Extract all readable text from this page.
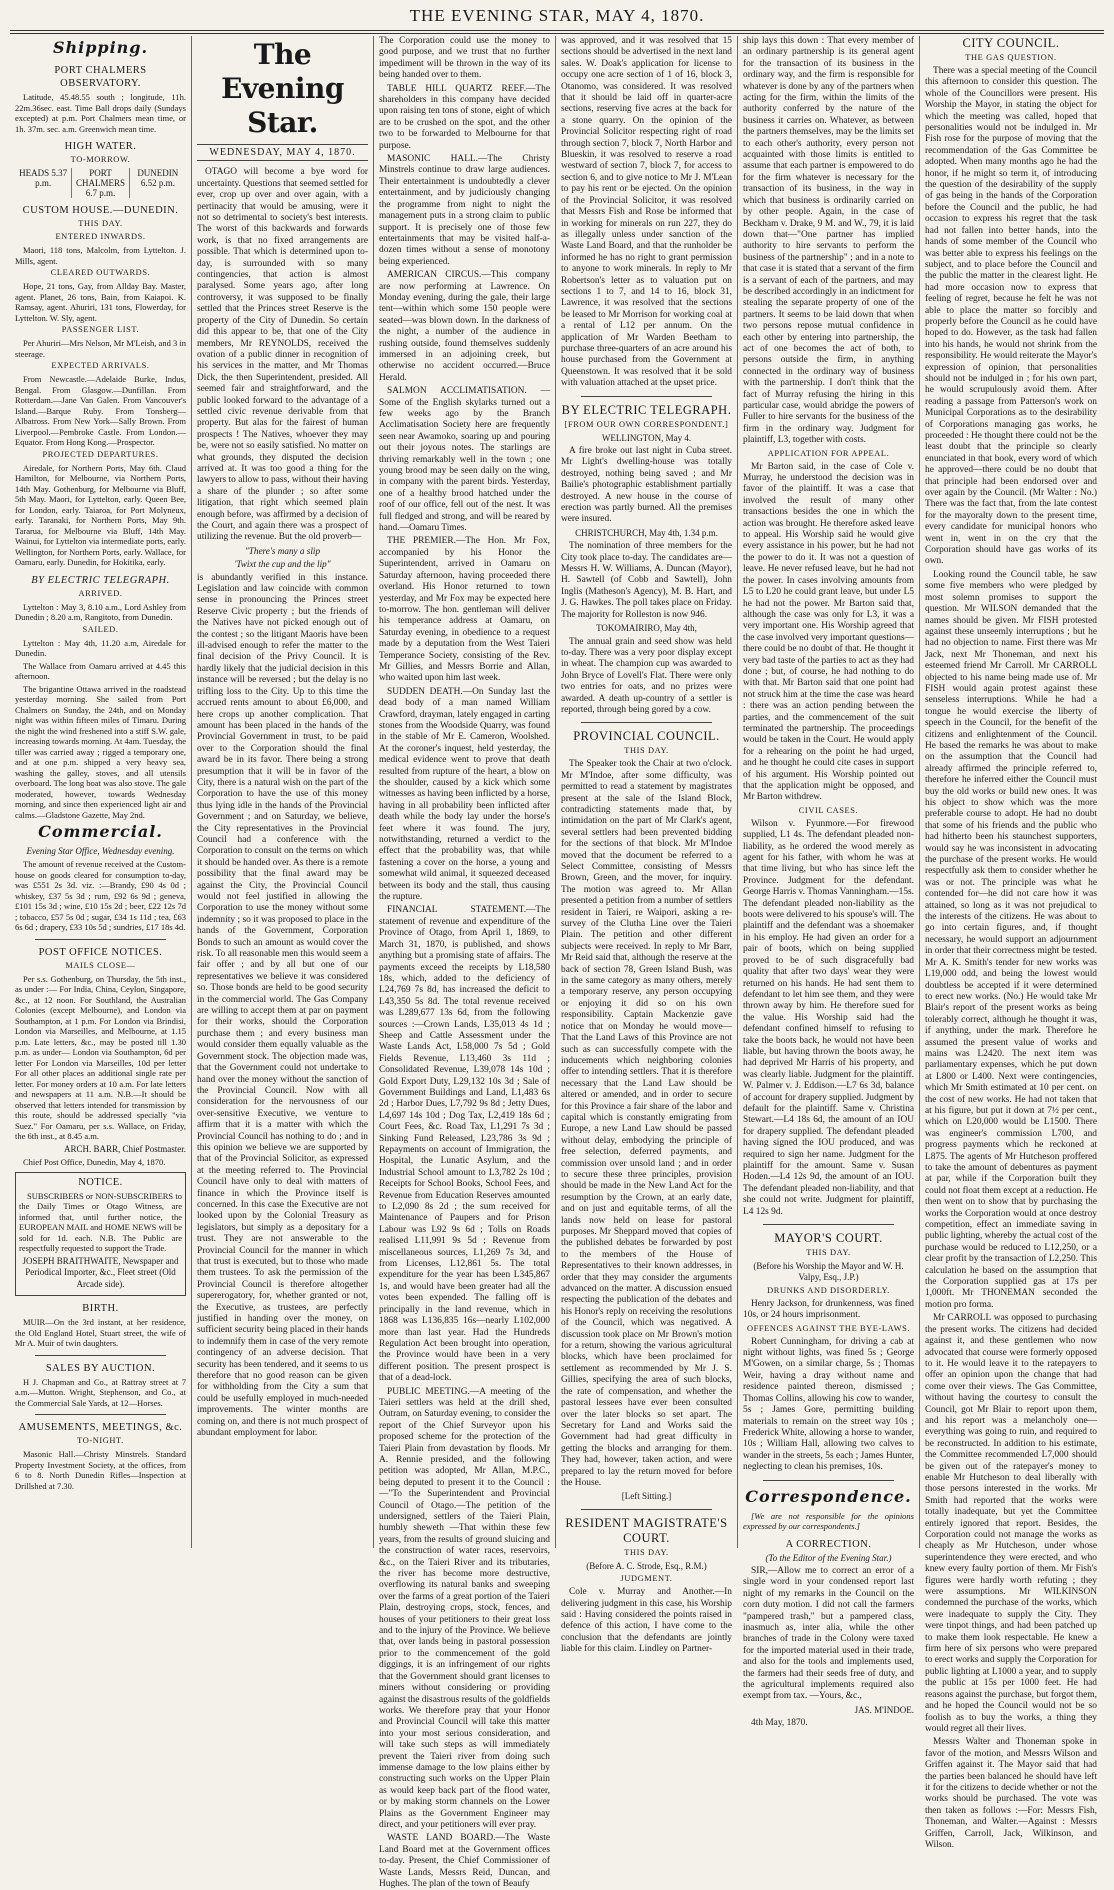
THE EVENING STAR, MAY 4, 1870.
Shipping.
PORT CHALMERS OBSERVATORY.

Latitude, 45.48.55 south ; longitude, 11h. 22m.36sec. east. Time Ball drops daily (Sundays excepted) at p.m. Port Chalmers mean time, or 1h. 37m. sec. a.m. Greenwich mean time.

HIGH WATER.
TO-MORROW.
HEADS 5.37 p.m.
PORT CHALMERS 6.7 p.m.
DUNEDIN 6.52 p.m.
CUSTOM HOUSE.—DUNEDIN.
THIS DAY.
ENTERED INWARDS.

Maori, 118 tons, Malcolm, from Lyttelton. J. Mills, agent.

CLEARED OUTWARDS.

Hope, 21 tons, Gay, from Allday Bay. Master, agent. Planet, 26 tons, Bain, from Kaiapoi. K. Ramsay, agent. Ahuriri, 131 tons, Flowerday, for Lyttelton. W. Sly, agent.

PASSENGER LIST.

Per Ahuriri—Mrs Nelson, Mr M'Leish, and 3 in steerage.

EXPECTED ARRIVALS.

From Newcastle.—Adelaide Burke, Indus, Bengal. From Glasgow.—Dunfillan. From Rotterdam.—Jane Van Galen. From Vancouver's Island.—Barque Ruby. From Tonsberg—Albatross. From New York—Sally Brown. From Liverpool.—Pembroke Castle. From London.—Equator. From Hong Kong.—Prospector.

PROJECTED DEPARTURES.

Airedale, for Northern Ports, May 6th. Claud Hamilton, for Melbourne, via Northern Ports, 14th May. Gothenburg, for Melbourne via Bluff, 5th May. Maori, for Lyttelton, early. Queen Bee, for London, early. Taiaroa, for Port Molyneux, early. Taranaki, for Northern Ports, May 9th. Tararua, for Melbourne via Bluff, 14th May. Wainui, for Lyttelton via intermediate ports, early. Wellington, for Northern Ports, early. Wallace, for Oamaru, early. Dunedin, for Hokitika, early.

BY ELECTRIC TELEGRAPH.
ARRIVED.

Lyttelton : May 3, 8.10 a.m., Lord Ashley from Dunedin ; 8.20 a.m, Rangitoto, from Dunedin.

SAILED.

Lyttelton : May 4th, 11.20 a.m, Airedale for Dunedin.

The Wallace from Oamaru arrived at 4.45 this afternoon.

The brigantine Ottawa arrived in the roadstead yesterday morning. She sailed from Port Chalmers on Sunday, the 24th, and on Monday night was within fifteen miles of Timaru. During the night the wind freshened into a stiff S.W. gale, increasing towards morning. At 4am. Tuesday, the tiller was carried away ; rigged a temporary one, and at one p.m. shipped a very heavy sea, washing the galley, stoves, and all utensils overboard. The long boat was also stove. The gale moderated, however, towards Wednesday morning, and since then experienced light air and calms.—Gladstone Gazette, May 2nd.

Commercial.
Evening Star Office, Wednesday evening.

The amount of revenue received at the Custom-house on goods cleared for consumption to-day, was £551 2s 3d. viz. :—Brandy, £90 4s 0d ; whiskey, £37 5s 3d ; rum, £92 6s 9d ; geneva, £101 15s 3d ; wine, £10 15s 2d ; beer, £22 12s 7d ; tobacco, £57 5s 0d ; sugar, £34 1s 11d ; tea, £63 6s 6d ; drapery, £33 10s 5d ; sundries, £17 18s 4d.

POST OFFICE NOTICES.
MAILS CLOSE—

Per s.s. Gothenburg, on Thursday, the 5th inst., as under :— For India, China, Ceylon, Singapore, &c., at 12 noon. For Southland, the Australian Colonies (except Melbourne), and London via Southampton, at 1 p.m. For London via Brindisi, London via Marseilles, and Melbourne, at 1.15 p.m. Late letters, &c., may be posted till 1.30 p.m. as under— London via Southampton, 6d per letter For London via Marseilles, 10d per letter For all other places an additional single rate per letter. For money orders at 10 a.m. For late letters and newspapers at 11 a.m. N.B.—It should be observed that letters intended for transmission by this route, should be addressed specially "via Suez." For Oamaru, per s.s. Wallace, on Friday, the 6th inst., at 8.45 a.m.

ARCH. BARR, Chief Postmaster.

Chief Post Office, Dunedin, May 4, 1870.

NOTICE.

SUBSCRIBERS or NON-SUBSCRIBERS to the Daily Times or Otago Witness, are informed that, until further notice, the EUROPEAN MAIL and HOME NEWS will be sold for 1d. each. N.B. The Public are respectfully requested to support the Trade.

JOSEPH BRAITHWAITE, Newspaper and Periodical Importer, &c., Fleet street (Old Arcade side).
BIRTH.

MUIR—On the 3rd instant, at her residence, the Old England Hotel, Stuart street, the wife of Mr A. Muir of twin daughters.

SALES BY AUCTION.

H J. Chapman and Co., at Rattray street at 7 a.m.—Mutton. Wright, Stephenson, and Co., at the Commercial Sale Yards, at 12—Horses.

AMUSEMENTS, MEETINGS, &c.
TO-NIGHT.

Masonic Hall.—Christy Minstrels. Standard Property Investment Society, at the offices, from 6 to 8. North Dunedin Rifles—Inspection at Drillshed at 7.30.

The Evening Star.
WEDNESDAY, MAY 4, 1870.

OTAGO will become a bye word for uncertainty. Questions that seemed settled for ever, crop up over and over again, with a pertinacity that would be amusing, were it not so detrimental to society's best interests. The worst of this backwards and forwards work, is that no fixed arrangements are possible. That which is determined upon to-day, is surrounded with so many contingencies, that action is almost paralysed. Some years ago, after long controversy, it was supposed to be finally settled that the Princes street Reserve is the property of the City of Dunedin. So certain did this appear to be, that one of the City members, Mr REYNOLDS, received the ovation of a public dinner in recognition of his services in the matter, and Mr Thomas Dick, the then Superintendent, presided. All seemed fair and straightforward, and the public looked forward to the advantage of a settled civic revenue derivable from that property. But alas for the fairest of human prospects ! The Natives, whoever they may be, were not so easily satisfied. No matter on what grounds, they disputed the decision arrived at. It was too good a thing for the lawyers to allow to pass, without their having a share of the plunder ; so after some litigation, that right which seemed plain enough before, was affirmed by a decision of the Court, and again there was a prospect of utilizing the revenue. But the old proverb—

"There's many a slip
'Twixt the cup and the lip"

is abundantly verified in this instance. Legislation and law coincide with common sense in pronouncing the Princes street Reserve Civic property ; but the friends of the Natives have not picked enough out of the contest ; so the litigant Maoris have been ill-advised enough to refer the matter to the final decision of the Privy Council. It is hardly likely that the judicial decision in this instance will be reversed ; but the delay is no trifling loss to the City. Up to this time the accrued rents amount to about £6,000, and here crops up another complication. That amount has been placed in the hands of the Provincial Government in trust, to be paid over to the Corporation should the final award be in its favor. There being a strong presumption that it will be in favor of the City, there is a natural wish on the part of the Corporation to have the use of this money thus lying idle in the hands of the Provincial Government ; and on Saturday, we believe, the City representatives in the Provincial Council had a conference with the Corporation to consult on the terms on which it should be handed over. As there is a remote possibility that the final award may be against the City, the Provincial Council would not feel justified in allowing the Corporation to use the money without some indemnity ; so it was proposed to place in the hands of the Government, Corporation Bonds to such an amount as would cover the risk. To all reasonable men this would seem a fair offer ; and by all but one of our representatives we believe it was considered so. Those bonds are held to be good security in the commercial world. The Gas Company are willing to accept them at par on payment for their works, should the Corporation purchase them ; and every business man would consider them equally valuable as the Government stock. The objection made was, that the Government could not undertake to hand over the money without the sanction of the Provincial Council. Now with all consideration for the nervousness of our over-sensitive Executive, we venture to affirm that it is a matter with which the Provincial Council has nothing to do ; and in this opinion we believe we are supported by that of the Provincial Solicitor, as expressed at the meeting referred to. The Provincial Council have only to deal with matters of finance in which the Province itself is concerned. In this case the Executive are not looked upon by the Colonial Treasury as legislators, but simply as a depositary for a trust. They are not answerable to the Provincial Council for the manner in which that trust is executed, but to those who made them trustees. To ask the permission of the Provincial Council is therefore altogether supererogatory, for, whether granted or not, the Executive, as trustees, are perfectly justified in handing over the money, on sufficient security being placed in their hands to indemnify them in case of the very remote contingency of an adverse decision. That security has been tendered, and it seems to us therefore that no good reason can be given for withholding from the City a sum that could be usefully employed in much-needed improvements. The winter months are coming on, and there is not much prospect of abundant employment for labor.

The Corporation could use the money to good purpose, and we trust that no further impediment will be thrown in the way of its being handed over to them.

TABLE HILL QUARTZ REEF.—The shareholders in this company have decided upon raising ten tons of stone, eight of which are to be crushed on the spot, and the other two to be forwarded to Melbourne for that purpose.

MASONIC HALL.—The Christy Minstrels continue to draw large audiences. Their entertainment is undoubtedly a clever entertainment, and by judiciously changing the programme from night to night the management puts in a strong claim to public support. It is precisely one of those few entertainments that may be visited half-a-dozen times without a sense of monotony being experienced.

AMERICAN CIRCUS.—This company are now performing at Lawrence. On Monday evening, during the gale, their large tent—within which some 150 people were seated—was blown down. In the darkness of the night, a number of the audience in rushing outside, found themselves suddenly immersed in an adjoining creek, but otherwise no accident occurred.—Bruce Herald.

SALMON ACCLIMATISATION. — Some of the English skylarks turned out a few weeks ago by the Branch Acclimatisation Society here are frequently seen near Awamoko, soaring up and pouring out their joyous notes. The starlings are thriving remarkably well in the town ; one young brood may be seen daily on the wing, in company with the parent birds. Yesterday, one of a healthy brood hatched under the roof of our office, fell out of the nest. It was full fledged and strong, and will be reared by hand.—Oamaru Times.

THE PREMIER.—The Hon. Mr Fox, accompanied by his Honor the Superintendent, arrived in Oamaru on Saturday afternoon, having proceeded there overland. His Honor returned to town yesterday, and Mr Fox may be expected here to-morrow. The hon. gentleman will deliver his temperance address at Oamaru, on Saturday evening, in obedience to a request made by a deputation from the West Taieri Temperance Society, consisting of the Rev. Mr Gillies, and Messrs Borrie and Allan, who waited upon him last week.

SUDDEN DEATH.—On Sunday last the dead body of a man named William Crawford, drayman, lately engaged in carting stones from the Woodside Quarry, was found in the stable of Mr E. Cameron, Woolshed. At the coroner's inquest, held yesterday, the medical evidence went to prove that death resulted from rupture of the heart, a blow on the shoulder, caused by a kick which some witnesses as having been inflicted by a horse, having in all probability been inflicted after death while the body lay under the horse's feet where it was found. The jury, notwithstanding, returned a verdict to the effect that the probability was, that while fastening a cover on the horse, a young and somewhat wild animal, it squeezed deceased between its body and the stall, thus causing the rupture.

FINANCIAL STATEMENT.—The statement of revenue and expenditure of the Province of Otago, from April 1, 1869, to March 31, 1870, is published, and shows anything but a promising state of affairs. The payments exceed the receipts by L18,580 18s, which, added to the deficiency of L24,769 7s 8d, has increased the deficit to L43,350 5s 8d. The total revenue received was L289,677 13s 6d, from the following sources :—Crown Lands, L35,013 4s 1d ; Sheep and Cattle Assessment under the Waste Lands Act, L58,000 7s 5d ; Gold Fields Revenue, L13,460 3s 11d ; Consolidated Revenue, L39,078 14s 10d ; Gold Export Duty, L29,132 10s 3d ; Sale of Government Buildings and Land, L1,483 6s 2d ; Harbor Dues, L7,792 9s 8d ; Jetty Dues, L4,697 14s 10d ; Dog Tax, L2,419 18s 6d ; Court Fees, &c. Road Tax, L1,291 7s 3d ; Sinking Fund Released, L23,786 3s 9d ; Repayments on account of Immigration, the Hospital, the Lunatic Asylum, and the Industrial School amount to L3,782 2s 10d ; Receipts for School Books, School Fees, and Revenue from Education Reserves amounted to L2,090 8s 2d ; the sum received for Maintenance of Paupers and for Prison Labour was L92 9s 6d ; Tolls on Roads realised L11,991 9s 5d ; Revenue from miscellaneous sources, L1,269 7s 3d, and from Licenses, L12,861 5s. The total expenditure for the year has been L345,867 1s, and would have been greater had all the votes been expended. The falling off is principally in the land revenue, which in 1868 was L136,835 16s—nearly L102,000 more than last year. Had the Hundreds Regulation Act been brought into operation, the Province would have been in a very different position. The present prospect is that of a dead-lock.

PUBLIC MEETING.—A meeting of the Taieri settlers was held at the drill shed, Outram, on Saturday evening, to consider the report of the Chief Surveyor upon his proposed scheme for the protection of the Taieri Plain from devastation by floods. Mr A. Rennie presided, and the following petition was adopted, Mr Allan, M.P.C., being deputed to present it to the Council :—"To the Superintendent and Provincial Council of Otago.—The petition of the undersigned, settlers of the Taieri Plain, humbly sheweth —That within these few years, from the results of ground sluicing and the construction of water races, reservoirs, &c., on the Taieri River and its tributaries, the river has become more destructive, overflowing its natural banks and sweeping over the farms of a great portion of the Taieri Plain, destroying crops, stock, fences, and houses of your petitioners to their great loss and to the injury of the Province. We believe that, over lands being in pastoral possession prior to the commencement of the gold diggings, it is an infringement of our rights that the Government should grant licenses to miners without considering or providing against the disastrous results of the goldfields works. We therefore pray that your Honor and Provincial Council will take this matter into your most serious consideration, and will take such steps as will immediately prevent the Taieri river from doing such immense damage to the low plains either by constructing such works on the Upper Plain as would keep back part of the flood water, or by making storm channels on the Lower Plains as the Government Engineer may direct, and your petitioners will ever pray.

WASTE LAND BOARD.—The Waste Land Board met at the Government offices to-day. Present, the Chief Commissioner of Waste Lands, Messrs Reid, Duncan, and Hughes. The plan of the town of Beaufy

was approved, and it was resolved that 15 sections should be advertised in the next land sales. W. Doak's application for license to occupy one acre section of 1 of 16, block 3, Otanomo, was considered. It was resolved that it should be laid off in quarter-acre sections, reserving five acres at the back for a stone quarry. On the opinion of the Provincial Solicitor respecting right of road through section 7, block 7, North Harbor and Blueskin, it was resolved to reserve a road westward of section 7, block 7, for access to section 6, and to give notice to Mr J. M'Lean to pay his rent or be ejected. On the opinion of the Provincial Solicitor, it was resolved that Messrs Fish and Rose be informed that in working for minerals on run 227, they do as illegally unless under sanction of the Waste Land Board, and that the runholder be informed he has no right to grant permission to anyone to work minerals. In reply to Mr Robertson's letter as to valuation put on sections 1 to 7, and 14 to 16, block 31, Lawrence, it was resolved that the sections be leased to Mr Morrison for working coal at a rental of L12 per annum. On the application of Mr Warden Beetham to purchase three-quarters of an acre around his house purchased from the Government at Queenstown. It was resolved that it be sold with valuation attached at the upset price.

BY ELECTRIC TELEGRAPH.
[FROM OUR OWN CORRESPONDENT.]
WELLINGTON, May 4.

A fire broke out last night in Cuba street. Mr Light's dwelling-house was totally destroyed, nothing being saved ; and Mr Bailie's photographic establishment partially destroyed. A new house in the course of erection was partly burned. All the premises were insured.

CHRISTCHURCH, May 4th, 1.34 p.m.

The nomination of three members for the City took place to-day. The candidates are—Messrs H. W. Williams, A. Duncan (Mayor), H. Sawtell (of Cobb and Sawtell), John Inglis (Matheson's Agency), M. B. Hart, and J. G. Hawkes. The poll takes place on Friday. The majority for Rolleston is now 946.

TOKOMAIRIRO, May 4th,

The annual grain and seed show was held to-day. There was a very poor display except in wheat. The champion cup was awarded to John Bryce of Lovell's Flat. There were only two entries for oats, and no prizes were awarded. A death up-country of a settler is reported, through being gored by a cow.

PROVINCIAL COUNCIL.
THIS DAY.

The Speaker took the Chair at two o'clock. Mr M'Indoe, after some difficulty, was permitted to read a statement by magistrates present at the sale of the Island Block, contradicting statements made that, by intimidation on the part of Mr Clark's agent, several settlers had been prevented bidding for the sections of that block. Mr M'Indoe moved that the document be referred to a Select Committee, consisting of Messrs Brown, Green, and the mover, for inquiry. The motion was agreed to. Mr Allan presented a petition from a number of settlers resident in Taieri, re Waipori, asking a re-survey of the Clutha Line over the Taieri Plain. The petition and other different subjects were received. In reply to Mr Barr, Mr Reid said that, although the reserve at the back of section 78, Green Island Bush, was in the same category as many others, merely a temporary reserve, any person occupying or enjoying it did so on his own responsibility. Captain Mackenzie gave notice that on Monday he would move—That the Land Laws of this Province are not such as can successfully compete with the inducements which neighboring colonies offer to intending settlers. That it is therefore necessary that the Land Law should be altered or amended, and in order to secure for this Province a fair share of the labor and capital which is constantly emigrating from Europe, a new Land Law should be passed without delay, embodying the principle of free selection, deferred payments, and commission over unsold land ; and in order to secure these three principles, provision should be made in the New Land Act for the resumption by the Crown, at an early date, and on just and equitable terms, of all the lands now held on lease for pastoral purposes. Mr Sheppard moved that copies of the published debates be forwarded by post to the members of the House of Representatives to their known addresses, in order that they may consider the arguments advanced on the matter. A discussion ensued respecting the publication of the debates and his Honor's reply on receiving the resolutions of the Council, which was negatived. A discussion took place on Mr Brown's motion for a return, showing the various agricultural blocks, which have been proclaimed for settlement as recommended by Mr J. S. Gillies, specifying the area of such blocks, the rate of compensation, and whether the pastoral lessees have ever been consulted over the later blocks so set apart. The Secretary for Land and Works said the Government had had great difficulty in getting the blocks and arranging for them. They had, however, taken action, and were prepared to lay the return moved for before the House.

[Left Sitting.]
RESIDENT MAGISTRATE'S COURT.
THIS DAY.
(Before A. C. Strode, Esq., R.M.)
JUDGMENT.

Cole v. Murray and Another.—In delivering judgment in this case, his Worship said : Having considered the points raised in defence of this action, I have come to the conclusion that the defendants are jointly liable for this claim. Lindley on Partner-

ship lays this down : That every member of an ordinary partnership is its general agent for the transaction of its business in the ordinary way, and the firm is responsible for whatever is done by any of the partners when acting for the firm, within the limits of the authority conferred by the nature of the business it carries on. Whatever, as between the partners themselves, may be the limits set to each other's authority, every person not acquainted with those limits is entitled to assume that each partner is empowered to do for the firm whatever is necessary for the transaction of its business, in the way in which that business is ordinarily carried on by other people. Again, in the case of Beckham v. Drake, 9 M. and W., 79, it is laid down that—"One partner has implied authority to hire servants to perform the business of the partnership" ; and in a note to that case it is stated that a servant of the firm is a servant of each of the partners, and may be described accordingly in an indictment for stealing the separate property of one of the partners. It seems to be laid down that when two persons repose mutual confidence in each other by entering into partnership, the act of one becomes the act of both, to persons outside the firm, in anything connected in the ordinary way of business with the partnership. I don't think that the fact of Murray refusing the hiring in this particular case, would abridge the powers of Fuller to hire servants for the business of the firm in the ordinary way. Judgment for plaintiff, L3, together with costs.

APPLICATION FOR APPEAL.

Mr Barton said, in the case of Cole v. Murray, he understood the decision was in favor of the plaintiff. It was a case that involved the result of many other transactions besides the one in which the action was brought. He therefore asked leave to appeal. His Worship said he would give every assistance in his power, but he had not the power to do it. It was not a question of leave. He never refused leave, but he had not the power. In cases involving amounts from L5 to L20 he could grant leave, but under L5 he had not the power. Mr Barton said that, although the case was only for L3, it was a very important one. His Worship agreed that the case involved very important questions—there could be no doubt of that. He thought it very bad taste of the parties to act as they had done ; but, of course, he had nothing to do with that. Mr Barton said that one point had not struck him at the time the case was heard : there was an action pending between the parties, and the commencement of the suit terminated the partnership. The proceedings would be taken in the Court. He would apply for a rehearing on the point he had urged, and he thought he could cite cases in support of his argument. His Worship pointed out that the application might be opposed, and Mr Barton withdrew.

CIVIL CASES.

Wilson v. Fyunmore.—For firewood supplied, L1 4s. The defendant pleaded non-liability, as he ordered the wood merely as agent for his father, with whom he was at that time living, but who has since left the Province. Judgment for the defendant. George Harris v. Thomas Vanningham.—15s. The defendant pleaded non-liability as the boots were delivered to his spouse's will. The plaintiff and the defendant was a shoemaker in his employ. He had given an order for a pair of boots, which on being supplied proved to be of such disgracefully bad quality that after two days' wear they were returned on his hands. He had sent them to defendant to let him see them, and they were thrown away by him. He therefore sued for the value. His Worship said had the defendant confined himself to refusing to take the boots back, he would not have been liable, but having thrown the boots away, he had deprived Mr Harris of his property, and was clearly liable. Judgment for the plaintiff. W. Palmer v. J. Eddison.—L7 6s 3d, balance of account for drapery supplied. Judgment by default for the plaintiff. Same v. Christina Stewart.—L4 18s 6d, the amount of an IOU for drapery supplied. The defendant pleaded having signed the IOU produced, and was required to sign her name. Judgment for the plaintiff for the amount. Same v. Susan Hoden.—L4 12s 9d, the amount of an IOU. The defendant pleaded non-liability, and that she could not write. Judgment for plaintiff, L4 12s 9d.

MAYOR'S COURT.
THIS DAY.
(Before his Worship the Mayor and W. H. Valpy, Esq., J.P.)
DRUNKS AND DISORDERLY.

Henry Jackson, for drunkenness, was fined 10s, or 24 hours imprisonment.

OFFENCES AGAINST THE BYE-LAWS.

Robert Cunningham, for driving a cab at night without lights, was fined 5s ; George M'Gowen, on a similar charge, 5s ; Thomas Weir, having a dray without name and residence painted thereon, dismissed ; Thomas Collins, allowing his cow to wander, 5s ; James Gore, permitting building materials to remain on the street way 10s ; Frederick White, allowing a horse to wander, 10s ; William Hall, allowing two calves to wander in the streets, 5s each ; James Hunter, neglecting to clean his premises, 10s.

Correspondence.

[We are not responsible for the opinions expressed by our correspondents.]

A CORRECTION.
(To the Editor of the Evening Star.)

SIR,—Allow me to correct an error of a single word in your condensed report last night of my remarks in the Council on the corn duty motion. I did not call the farmers "pampered trash," but a pampered class, inasmuch as, inter alia, while the other branches of trade in the Colony were taxed for the imported material used in their trade, and also for the tools and implements used, the farmers had their seeds free of duty, and the agricultural implements required also exempt from tax. —Yours, &c.,

JAS. M'INDOE.

4th May, 1870.

CITY COUNCIL.
THE GAS QUESTION.

There was a special meeting of the Council this afternoon to consider this question. The whole of the Councillors were present. His Worship the Mayor, in stating the object for which the meeting was called, hoped that personalities would not be indulged in. Mr Fish rose for the purpose of moving that the recommendation of the Gas Committee be adopted. When many months ago he had the honor, if he might so term it, of introducing the question of the desirability of the supply of gas being in the hands of the Corporation before the Council and the public, he had occasion to express his regret that the task had not fallen into better hands, into the hands of some member of the Council who was better able to express his feelings on the subject, and to place before the Council and the public the matter in the clearest light. He had more occasion now to express that feeling of regret, because he felt he was not able to place the matter so forcibly and properly before the Council as he could have hoped to do. However, as the task had fallen into his hands, he would not shrink from the responsibility. He would reiterate the Mayor's expression of opinion, that personalities should not be indulged in ; for his own part, he would scrupulously avoid them. After reading a passage from Patterson's work on Municipal Corporations as to the desirability of Corporations managing gas works, he proceeded : He thought there could not be the least doubt that the principle so clearly enunciated in that book, every word of which he approved—there could be no doubt that that principle had been endorsed over and over again by the Council. (Mr Walter : No.) There was the fact that, from the late contest for the mayoralty down to the present time, every candidate for municipal honors who went in, went in on the cry that the Corporation should have gas works of its own.

Looking round the Council table, he saw some five members who were pledged by most solemn promises to support the question. Mr WILSON demanded that the names should be given. Mr FISH protested against these unseemly interruptions ; but he had no objection to name. First there was Mr Jack, next Mr Thoneman, and next his esteemed friend Mr Carroll. Mr CARROLL objected to his name being made use of. Mr FISH would again protest against these senseless interruptions. While he had a tongue he would exercise the liberty of speech in the Council, for the benefit of the citizens and enlightenment of the Council. He based the remarks he was about to make on the assumption that the Council had already affirmed the principle referred to, therefore he inferred either the Council must buy the old works or build new ones. It was his object to show which was the more preferable course to adopt. He had no doubt that some of his friends and the public who had hitherto been his staunchest supporters, would say he was inconsistent in advocating the purchase of the present works. He would respectfully ask them to consider whether he was or not. The principle was what he contended for—he did not care how it was attained, so long as it was not prejudical to the interests of the citizens. He was about to go into certain figures, and, if thought necessary, he would support an adjournment in order that their correctness might be tested. Mr A. K. Smith's tender for new works was L19,000 odd, and being the lowest would doubtless be accepted if it were determined to erect new works. (No.) He would take Mr Blair's report of the present works as being tolerably correct, although he thought it was, if anything, under the mark. Therefore he assumed the present value of works and mains was L2420. The next item was parliamentary expenses, which he put down at L800 or L400. Next were contingencies, which Mr Smith estimated at 10 per cent. on the cost of new works. He had not taken that at his figure, but put it down at 7½ per cent., which on L20,000 would be L1500. There was engineer's commission L700, and progress payments which he reckoned at L875. The agents of Mr Hutcheson proffered to take the amount of debentures as payment at par, while if the Corporation built they could not float them except at a reduction. He then went on to show that by purchasing the works the Corporation would at once destroy competition, effect an immediate saving in public lighting, whereby the actual cost of the purchase would be reduced to L12,250, or a clear profit by the transaction of L2,250. This calculation he based on the assumption that the Corporation supplied gas at 17s per 1,000ft. Mr THONEMAN seconded the motion pro forma.

Mr CARROLL was opposed to purchasing the present works. The citizens had decided against it, and these gentlemen who now advocated that course were formerly opposed to it. He would leave it to the ratepayers to offer an opinion upon the change that had come over their views. The Gas Committee, without having the courtesy to consult the Council, got Mr Blair to report upon them, and his report was a melancholy one—everything was going to ruin, and required to be reconstructed. In addition to his estimate, the Committee recommended L7,000 should be given out of the ratepayer's money to enable Mr Hutcheson to deal liberally with those persons interested in the works. Mr Smith had reported that the works were totally inadequate, but yet the Committee entirely ignored that report. Besides, the Corporation could not manage the works as cheaply as Mr Hutcheson, under whose superintendence they were erected, and who knew every faulty portion of them. Mr Fish's figures were hardly worth refuting ; they were assumptions. Mr WILKINSON condemned the purchase of the works, which were inadequate to supply the City. They were tinpot things, and had been patched up to make them look respectable. He knew a firm here of six persons who were prepared to erect works and supply the Corporation for public lighting at L1000 a year, and to supply the public at 15s per 1000 feet. He had reasons against the purchase, but forgot them, and he hoped the Council would not be so foolish as to buy the works, a thing they would regret all their lives.

Messrs Walter and Thoneman spoke in favor of the motion, and Messrs Wilson and Griffen against it. The Mayor said that had the parties been balanced he should have left it for the citizens to decide whether or not the works should be purchased. The vote was then taken as follows :—For: Messrs Fish, Thoneman, and Walter.—Against : Messrs Griffen, Carroll, Jack, Wilkinson, and Wilson.
